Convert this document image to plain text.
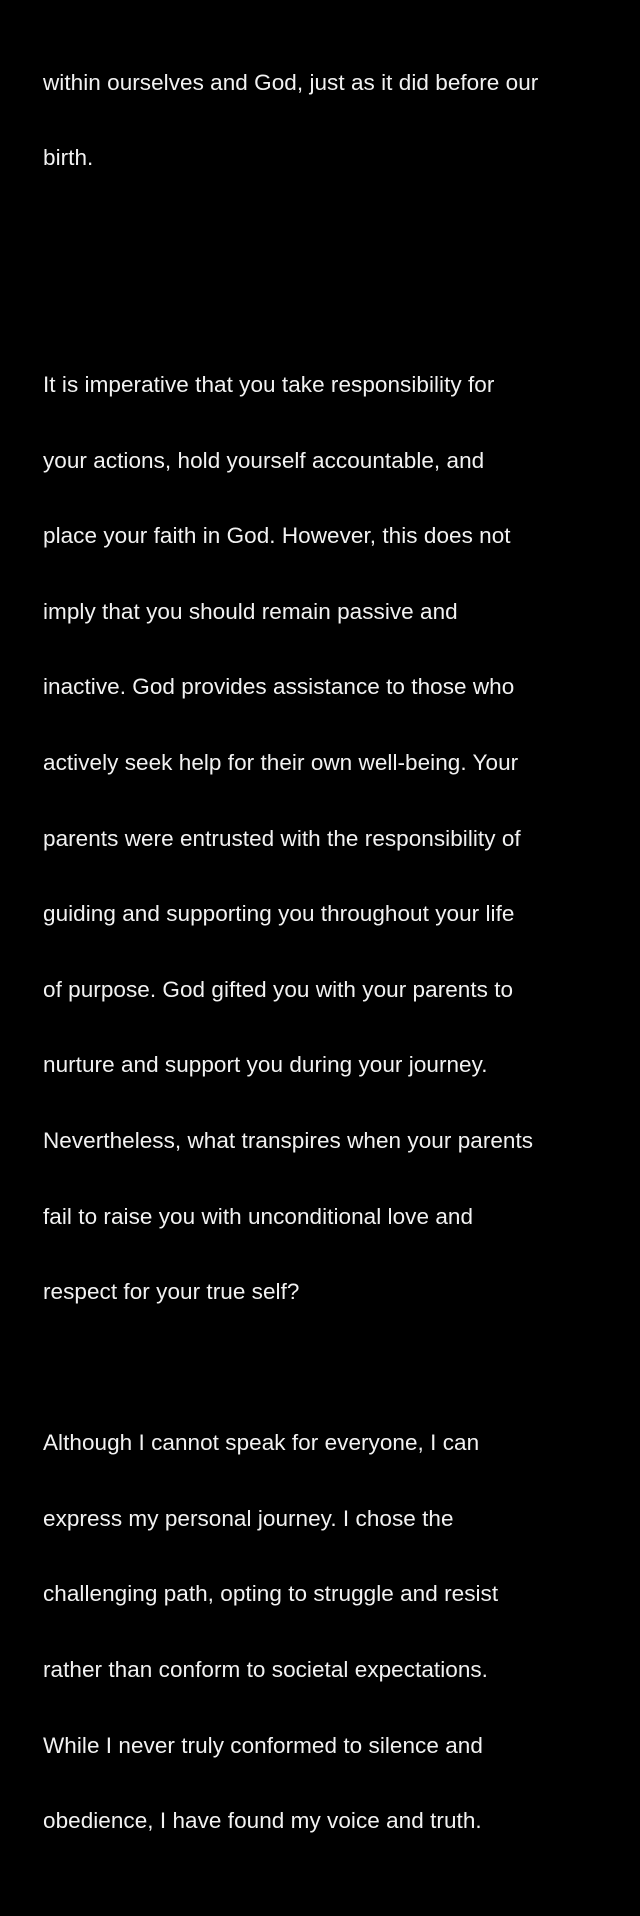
within ourselves and God, just as it did before our

birth.

It is imperative that you take responsibility for

your actions, hold yourself accountable, and

place your faith in God. However, this does not

imply that you should remain passive and

inactive. God provides assistance to those who

actively seek help for their own well-being. Your

parents were entrusted with the responsibility of

guiding and supporting you throughout your life

of purpose. God gifted you with your parents to

nurture and support you during your journey.

Nevertheless, what transpires when your parents

fail to raise you with unconditional love and

respect for your true self?

Although I cannot speak for everyone, I can

express my personal journey. I chose the

challenging path, opting to struggle and resist

rather than conform to societal expectations.

While I never truly conformed to silence and

obedience, I have found my voice and truth.
